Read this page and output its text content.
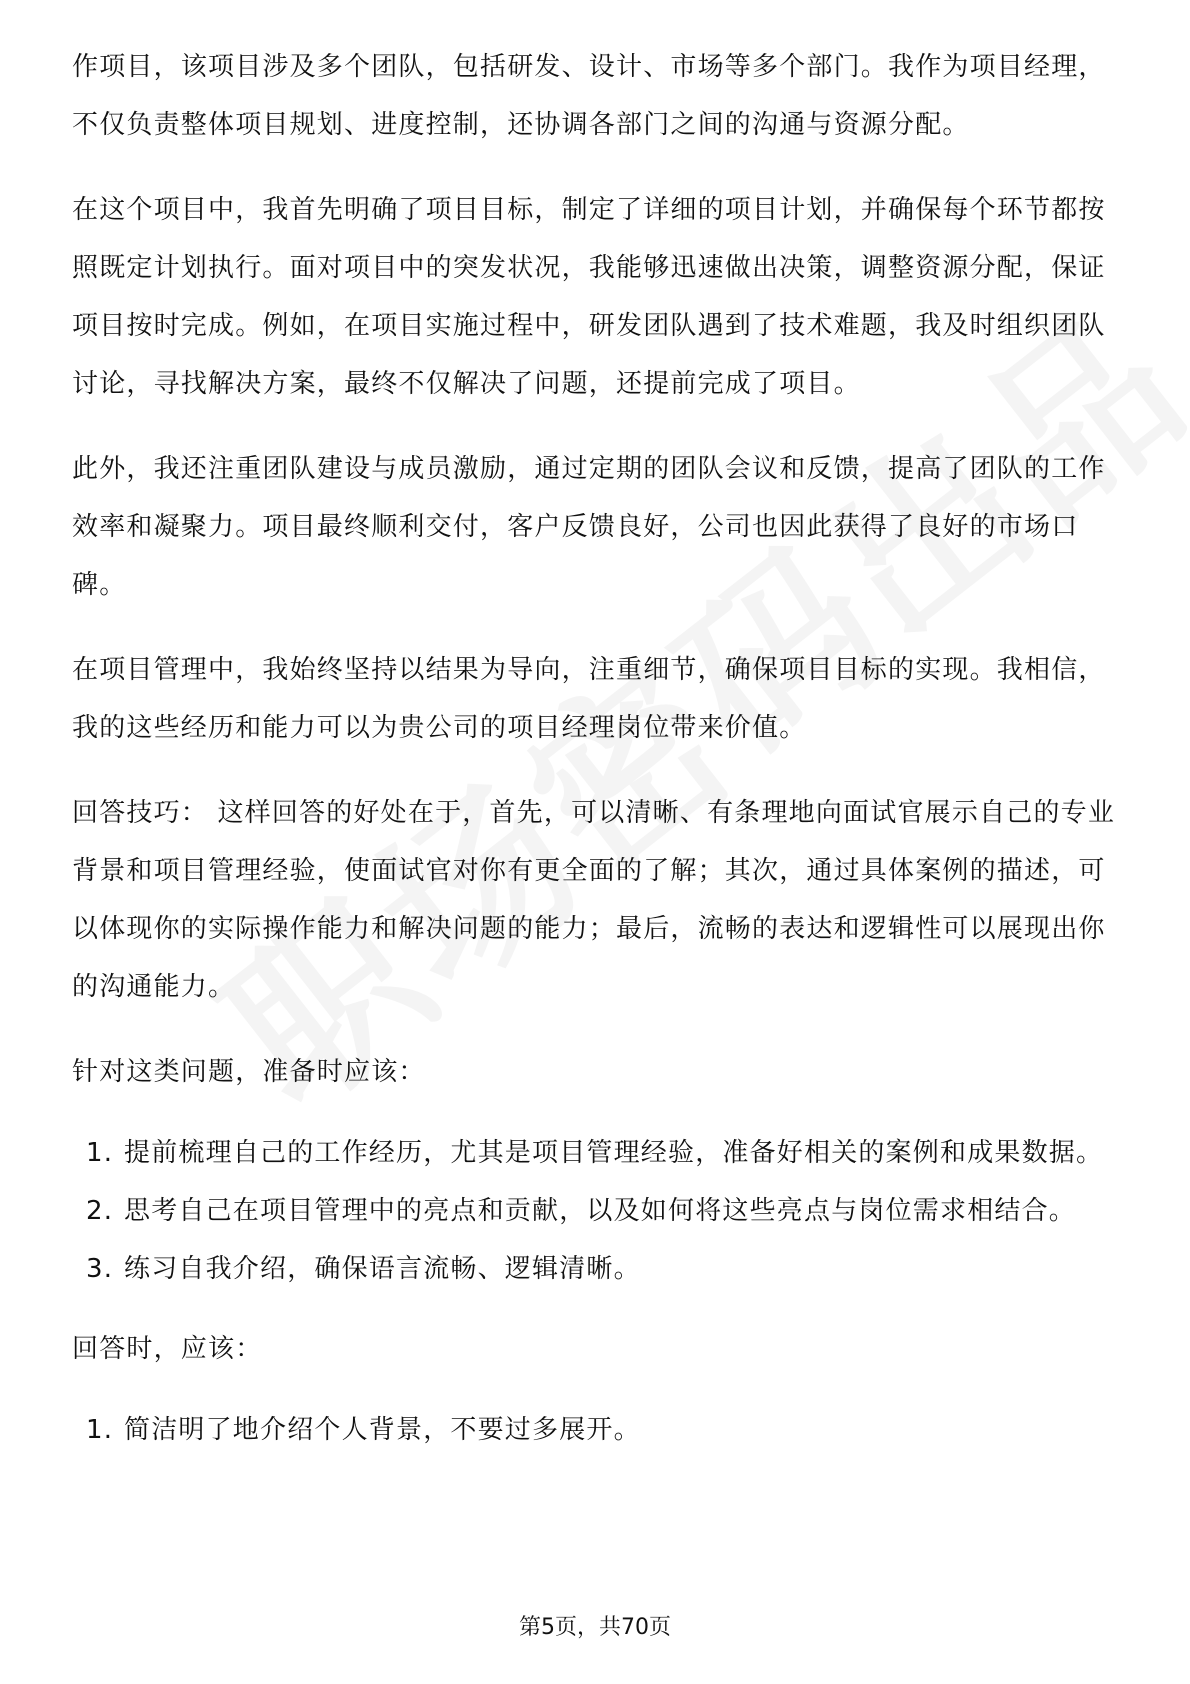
作项目，该项目涉及多个团队，包括研发、设计、市场等多个部门。我作为项目经理，不仅负责整体项目规划、进度控制，还协调各部门之间的沟通与资源分配。

在这个项目中，我首先明确了项目目标，制定了详细的项目计划，并确保每个环节都按照既定计划执行。面对项目中的突发状况，我能够迅速做出决策，调整资源分配，保证项目按时完成。例如，在项目实施过程中，研发团队遇到了技术难题，我及时组织团队讨论，寻找解决方案，最终不仅解决了问题，还提前完成了项目。

此外，我还注重团队建设与成员激励，通过定期的团队会议和反馈，提高了团队的工作效率和凝聚力。项目最终顺利交付，客户反馈良好，公司也因此获得了良好的市场口碑。

在项目管理中，我始终坚持以结果为导向，注重细节，确保项目目标的实现。我相信，我的这些经历和能力可以为贵公司的项目经理岗位带来价值。

回答技巧： 这样回答的好处在于，首先，可以清晰、有条理地向面试官展示自己的专业背景和项目管理经验，使面试官对你有更全面的了解；其次，通过具体案例的描述，可以体现你的实际操作能力和解决问题的能力；最后，流畅的表达和逻辑性可以展现出你的沟通能力。

针对这类问题，准备时应该：

1. 提前梳理自己的工作经历，尤其是项目管理经验，准备好相关的案例和成果数据。
2. 思考自己在项目管理中的亮点和贡献，以及如何将这些亮点与岗位需求相结合。
3. 练习自我介绍，确保语言流畅、逻辑清晰。

回答时，应该：

1. 简洁明了地介绍个人背景，不要过多展开。
第5页，共70页
